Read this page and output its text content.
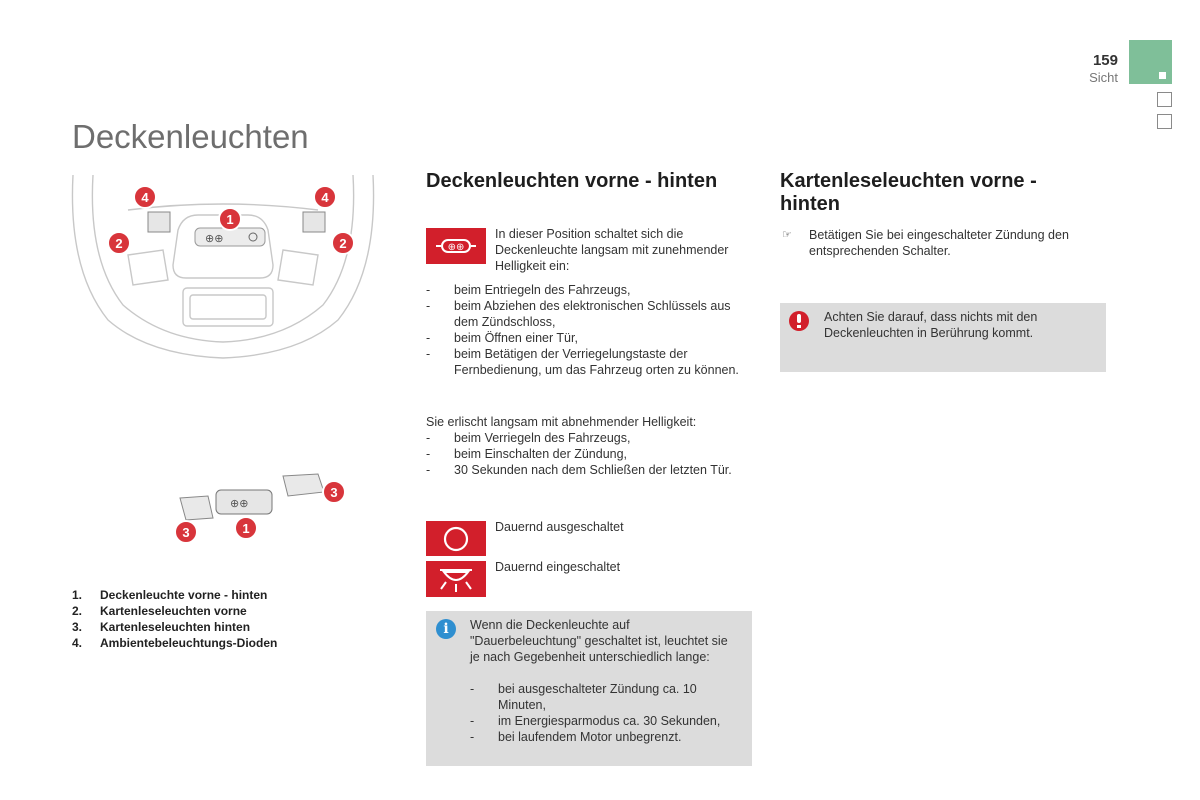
159
Sicht
Deckenleuchten
⊕⊕
4	4
1
2	2
⊕⊕
3
3	1
1.	Deckenleuchte vorne - hinten
2.	Kartenleseleuchten vorne
3.	Kartenleseleuchten hinten
4.	Ambientebeleuchtungs-Dioden
Deckenleuchten vorne - hinten
⊕⊕
In dieser Position schaltet sich die Deckenleuchte langsam mit zunehmender Helligkeit ein:
- beim Entriegeln des Fahrzeugs,
- beim Abziehen des elektronischen Schlüssels aus dem Zündschloss,
- beim Öffnen einer Tür,
- beim Betätigen der Verriegelungstaste der Fernbedienung, um das Fahrzeug orten zu können.
Sie erlischt langsam mit abnehmender Helligkeit:
- beim Verriegeln des Fahrzeugs,
- beim Einschalten der Zündung,
- 30 Sekunden nach dem Schließen der letzten Tür.
Dauernd ausgeschaltet
Dauernd eingeschaltet
i	Wenn die Deckenleuchte auf "Dauerbeleuchtung" geschaltet ist, leuchtet sie je nach Gegebenheit unterschiedlich lange:
- bei ausgeschalteter Zündung ca. 10 Minuten,
- im Energiesparmodus ca. 30 Sekunden,
- bei laufendem Motor unbegrenzt.
Kartenleseleuchten vorne - hinten
☞	Betätigen Sie bei eingeschalteter Zündung den entsprechenden Schalter.
Achten Sie darauf, dass nichts mit den Deckenleuchten in Berührung kommt.
